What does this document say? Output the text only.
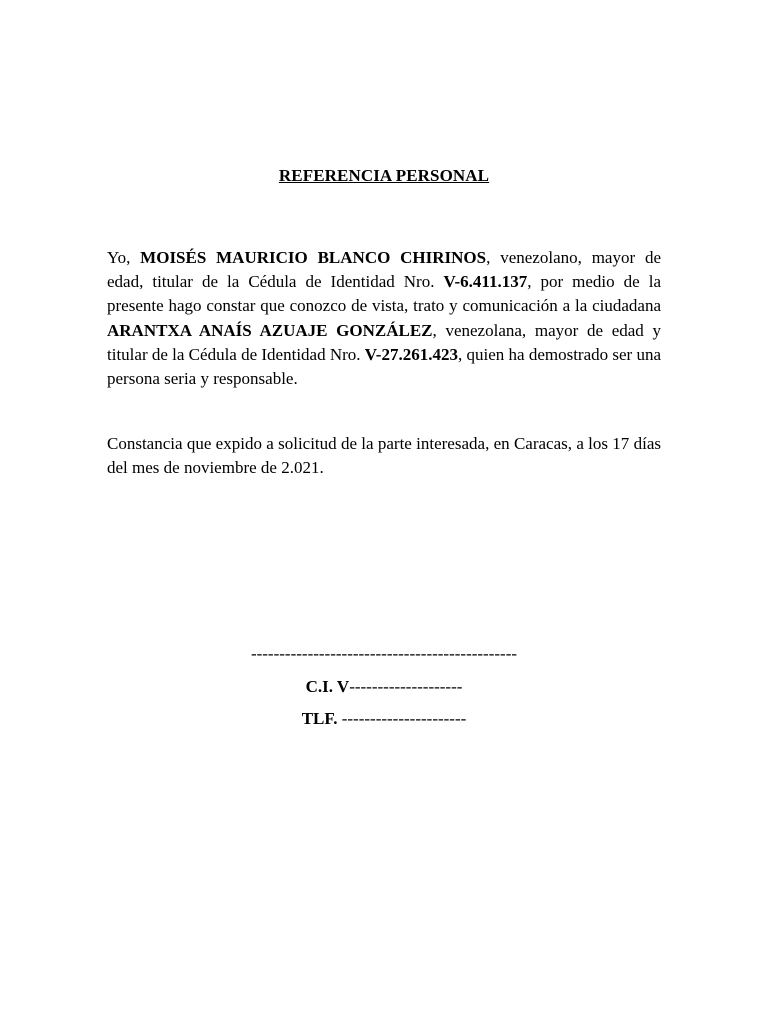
REFERENCIA PERSONAL
Yo, MOISÉS MAURICIO BLANCO CHIRINOS, venezolano, mayor de edad, titular de la Cédula de Identidad Nro. V-6.411.137, por medio de la presente hago constar que conozco de vista, trato y comunicación a la ciudadana ARANTXA ANAÍS AZUAJE GONZÁLEZ, venezolana, mayor de edad y titular de la Cédula de Identidad Nro. V-27.261.423, quien ha demostrado ser una persona seria y responsable.
Constancia que expido a solicitud de la parte interesada, en Caracas, a los 17 días del mes de noviembre de 2.021.
-----------------------------------------------
C.I. V--------------------
TLF. ----------------------
